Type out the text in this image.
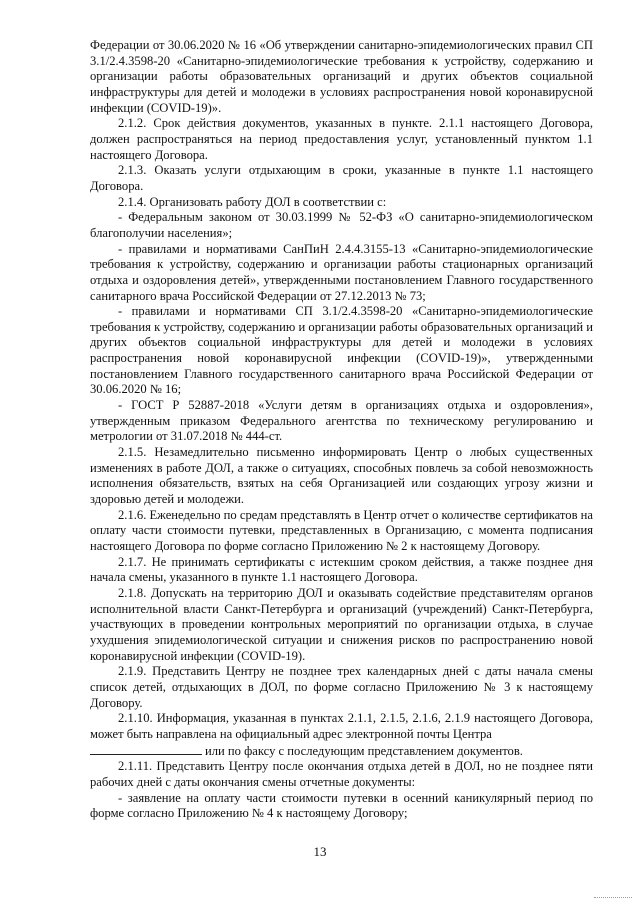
Федерации от 30.06.2020 № 16 «Об утверждении санитарно-эпидемиологических правил СП 3.1/2.4.3598-20 «Санитарно-эпидемиологические требования к устройству, содержанию и организации работы образовательных организаций и других объектов социальной инфраструктуры для детей и молодежи в условиях распространения новой коронавирусной инфекции (COVID-19)».

2.1.2. Срок действия документов, указанных в пункте. 2.1.1 настоящего Договора, должен распространяться на период предоставления услуг, установленный пунктом 1.1 настоящего Договора.

2.1.3. Оказать услуги отдыхающим в сроки, указанные в пункте 1.1 настоящего Договора.

2.1.4. Организовать работу ДОЛ в соответствии с:

- Федеральным законом от 30.03.1999 № 52-ФЗ «О санитарно-эпидемиологическом благополучии населения»;

- правилами и нормативами СанПиН 2.4.4.3155-13 «Санитарно-эпидемиологические требования к устройству, содержанию и организации работы стационарных организаций отдыха и оздоровления детей», утвержденными постановлением Главного государственного санитарного врача Российской Федерации от 27.12.2013 № 73;

- правилами и нормативами СП 3.1/2.4.3598-20 «Санитарно-эпидемиологические требования к устройству, содержанию и организации работы образовательных организаций и других объектов социальной инфраструктуры для детей и молодежи в условиях распространения новой коронавирусной инфекции (COVID-19)», утвержденными постановлением Главного государственного санитарного врача Российской Федерации от 30.06.2020 № 16;

- ГОСТ Р 52887-2018 «Услуги детям в организациях отдыха и оздоровления», утвержденным приказом Федерального агентства по техническому регулированию и метрологии от 31.07.2018 № 444-ст.

2.1.5. Незамедлительно письменно информировать Центр о любых существенных изменениях в работе ДОЛ, а также о ситуациях, способных повлечь за собой невозможность исполнения обязательств, взятых на себя Организацией или создающих угрозу жизни и здоровью детей и молодежи.

2.1.6. Еженедельно по средам представлять в Центр отчет о количестве сертификатов на оплату части стоимости путевки, представленных в Организацию, с момента подписания настоящего Договора по форме согласно Приложению № 2 к настоящему Договору.

2.1.7. Не принимать сертификаты с истекшим сроком действия, а также позднее дня начала смены, указанного в пункте 1.1 настоящего Договора.

2.1.8. Допускать на территорию ДОЛ и оказывать содействие представителям органов исполнительной власти Санкт-Петербурга и организаций (учреждений) Санкт-Петербурга, участвующих в проведении контрольных мероприятий по организации отдыха, в случае ухудшения эпидемиологической ситуации и снижения рисков по распространению новой коронавирусной инфекции (COVID-19).

2.1.9. Представить Центру не позднее трех календарных дней с даты начала смены список детей, отдыхающих в ДОЛ, по форме согласно Приложению № 3 к настоящему Договору.

2.1.10. Информация, указанная в пунктах 2.1.1, 2.1.5, 2.1.6, 2.1.9 настоящего Договора, может быть направлена на официальный адрес электронной почты Центра

или по факсу с последующим представлением документов.

2.1.11. Представить Центру после окончания отдыха детей в ДОЛ, но не позднее пяти рабочих дней с даты окончания смены отчетные документы:

- заявление на оплату части стоимости путевки в осенний каникулярный период по форме согласно Приложению № 4 к настоящему Договору;

13
